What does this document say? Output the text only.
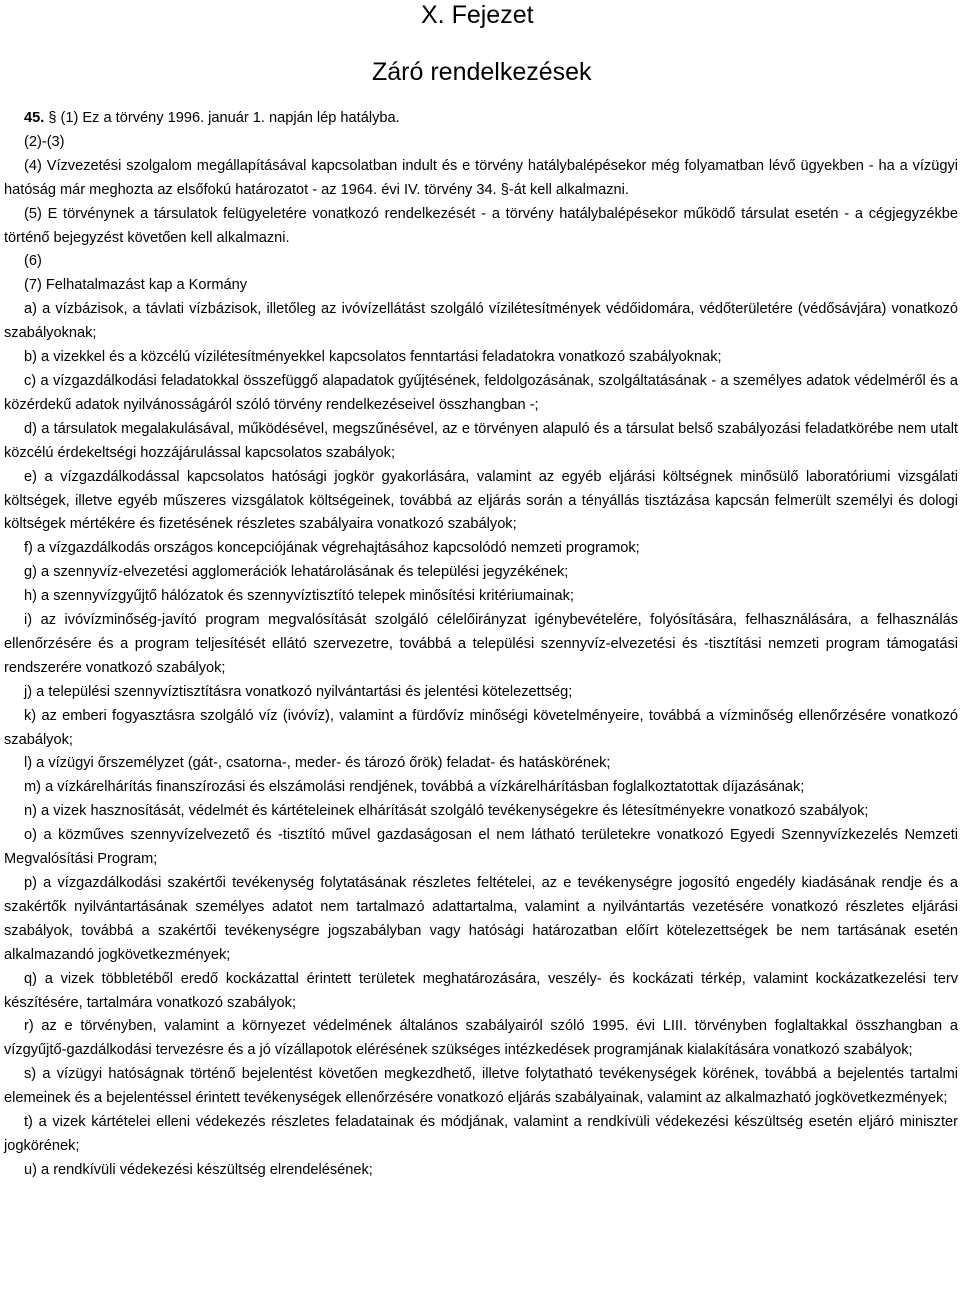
X. Fejezet
Záró rendelkezések

45. § (1) Ez a törvény 1996. január 1. napján lép hatályba.

(2)-(3)

(4) Vízvezetési szolgalom megállapításával kapcsolatban indult és e törvény hatálybalépésekor még folyamatban lévő ügyekben - ha a vízügyi hatóság már meghozta az elsőfokú határozatot - az 1964. évi IV. törvény 34. §-át kell alkalmazni.

(5) E törvénynek a társulatok felügyeletére vonatkozó rendelkezését - a törvény hatálybalépésekor működő társulat esetén - a cégjegyzékbe történő bejegyzést követően kell alkalmazni.

(6)

(7) Felhatalmazást kap a Kormány

a) a vízbázisok, a távlati vízbázisok, illetőleg az ivóvízellátást szolgáló vízilétesítmények védőidomára, védőterületére (védősávjára) vonatkozó szabályoknak;

b) a vizekkel és a közcélú vízilétesítményekkel kapcsolatos fenntartási feladatokra vonatkozó szabályoknak;

c) a vízgazdálkodási feladatokkal összefüggő alapadatok gyűjtésének, feldolgozásának, szolgáltatásának - a személyes adatok védelméről és a közérdekű adatok nyilvánosságáról szóló törvény rendelkezéseivel összhangban -;

d) a társulatok megalakulásával, működésével, megszűnésével, az e törvényen alapuló és a társulat belső szabályozási feladatkörébe nem utalt közcélú érdekeltségi hozzájárulással kapcsolatos szabályok;

e) a vízgazdálkodással kapcsolatos hatósági jogkör gyakorlására, valamint az egyéb eljárási költségnek minősülő laboratóriumi vizsgálati költségek, illetve egyéb műszeres vizsgálatok költségeinek, továbbá az eljárás során a tényállás tisztázása kapcsán felmerült személyi és dologi költségek mértékére és fizetésének részletes szabályaira vonatkozó szabályok;

f) a vízgazdálkodás országos koncepciójának végrehajtásához kapcsolódó nemzeti programok;

g) a szennyvíz-elvezetési agglomerációk lehatárolásának és települési jegyzékének;

h) a szennyvízgyűjtő hálózatok és szennyvíztisztító telepek minősítési kritériumainak;

i) az ivóvízminőség-javító program megvalósítását szolgáló célelőirányzat igénybevételére, folyósítására, felhasználására, a felhasználás ellenőrzésére és a program teljesítését ellátó szervezetre, továbbá a települési szennyvíz-elvezetési és -tisztítási nemzeti program támogatási rendszerére vonatkozó szabályok;

j) a települési szennyvíztisztításra vonatkozó nyilvántartási és jelentési kötelezettség;

k) az emberi fogyasztásra szolgáló víz (ivóvíz), valamint a fürdővíz minőségi követelményeire, továbbá a vízminőség ellenőrzésére vonatkozó szabályok;

l) a vízügyi őrszemélyzet (gát-, csatorna-, meder- és tározó őrök) feladat- és hatáskörének;

m) a vízkárelhárítás finanszírozási és elszámolási rendjének, továbbá a vízkárelhárításban foglalkoztatottak díjazásának;

n) a vizek hasznosítását, védelmét és kártételeinek elhárítását szolgáló tevékenységekre és létesítményekre vonatkozó szabályok;

o) a közműves szennyvízelvezető és -tisztító művel gazdaságosan el nem látható területekre vonatkozó Egyedi Szennyvízkezelés Nemzeti Megvalósítási Program;

p) a vízgazdálkodási szakértői tevékenység folytatásának részletes feltételei, az e tevékenységre jogosító engedély kiadásának rendje és a szakértők nyilvántartásának személyes adatot nem tartalmazó adattartalma, valamint a nyilvántartás vezetésére vonatkozó részletes eljárási szabályok, továbbá a szakértői tevékenységre jogszabályban vagy hatósági határozatban előírt kötelezettségek be nem tartásának esetén alkalmazandó jogkövetkezmények;

q) a vizek többletéből eredő kockázattal érintett területek meghatározására, veszély- és kockázati térkép, valamint kockázatkezelési terv készítésére, tartalmára vonatkozó szabályok;

r) az e törvényben, valamint a környezet védelmének általános szabályairól szóló 1995. évi LIII. törvényben foglaltakkal összhangban a vízgyűjtő-gazdálkodási tervezésre és a jó vízállapotok elérésének szükséges intézkedések programjának kialakítására vonatkozó szabályok;

s) a vízügyi hatóságnak történő bejelentést követően megkezdhető, illetve folytatható tevékenységek körének, továbbá a bejelentés tartalmi elemeinek és a bejelentéssel érintett tevékenységek ellenőrzésére vonatkozó eljárás szabályainak, valamint az alkalmazható jogkövetkezmények;

t) a vizek kártételei elleni védekezés részletes feladatainak és módjának, valamint a rendkívüli védekezési készültség esetén eljáró miniszter jogkörének;

u) a rendkívüli védekezési készültség elrendelésének;
